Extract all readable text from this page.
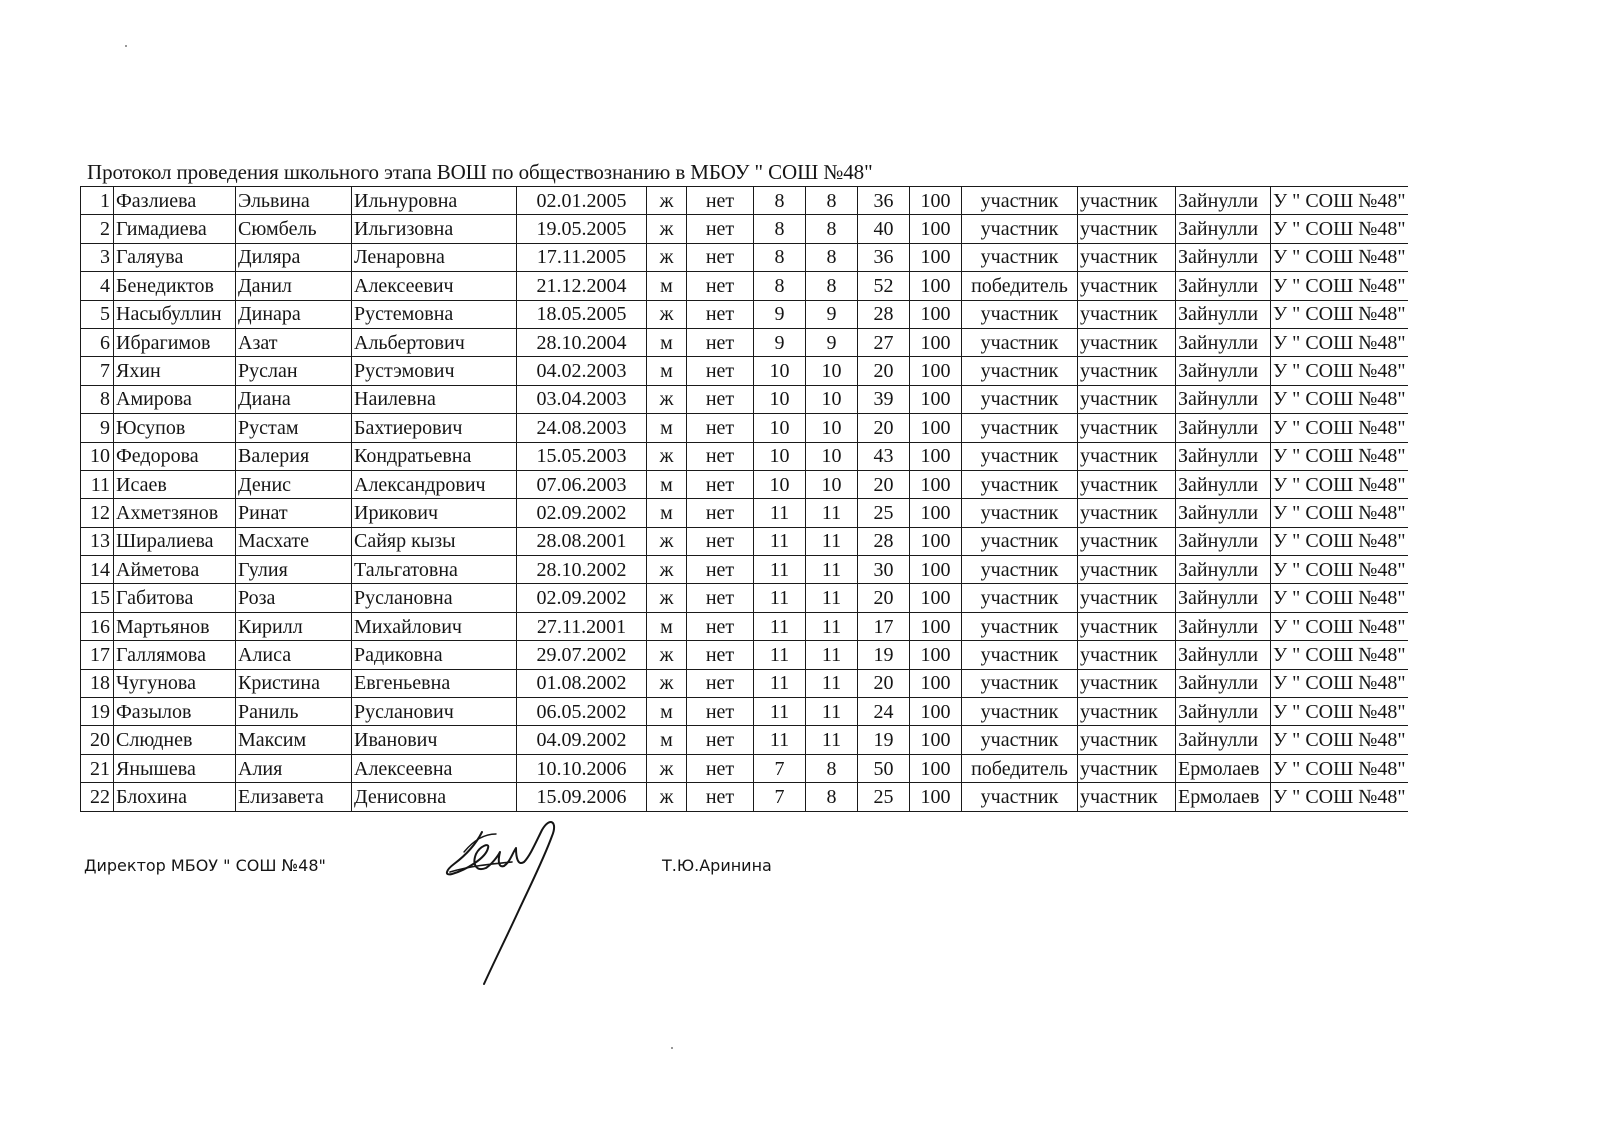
Протокол проведения школьного этапа ВОШ по обществознанию в МБОУ " СОШ №48"
1	Фазлиева	Эльвина	Ильнуровна	02.01.2005	ж	нет	8	8	36	100	участник	участник	Зайнулли	У " СОШ №48"
2	Гимадиева	Сюмбель	Ильгизовна	19.05.2005	ж	нет	8	8	40	100	участник	участник	Зайнулли	У " СОШ №48"
3	Галяува	Диляра	Ленаровна	17.11.2005	ж	нет	8	8	36	100	участник	участник	Зайнулли	У " СОШ №48"
4	Бенедиктов	Данил	Алексеевич	21.12.2004	м	нет	8	8	52	100	победитель	участник	Зайнулли	У " СОШ №48"
5	Насыбуллин	Динара	Рустемовна	18.05.2005	ж	нет	9	9	28	100	участник	участник	Зайнулли	У " СОШ №48"
6	Ибрагимов	Азат	Альбертович	28.10.2004	м	нет	9	9	27	100	участник	участник	Зайнулли	У " СОШ №48"
7	Яхин	Руслан	Рустэмович	04.02.2003	м	нет	10	10	20	100	участник	участник	Зайнулли	У " СОШ №48"
8	Амирова	Диана	Наилевна	03.04.2003	ж	нет	10	10	39	100	участник	участник	Зайнулли	У " СОШ №48"
9	Юсупов	Рустам	Бахтиерович	24.08.2003	м	нет	10	10	20	100	участник	участник	Зайнулли	У " СОШ №48"
10	Федорова	Валерия	Кондратьевна	15.05.2003	ж	нет	10	10	43	100	участник	участник	Зайнулли	У " СОШ №48"
11	Исаев	Денис	Александрович	07.06.2003	м	нет	10	10	20	100	участник	участник	Зайнулли	У " СОШ №48"
12	Ахметзянов	Ринат	Ирикович	02.09.2002	м	нет	11	11	25	100	участник	участник	Зайнулли	У " СОШ №48"
13	Ширалиева	Масхате	Сайяр кызы	28.08.2001	ж	нет	11	11	28	100	участник	участник	Зайнулли	У " СОШ №48"
14	Айметова	Гулия	Тальгатовна	28.10.2002	ж	нет	11	11	30	100	участник	участник	Зайнулли	У " СОШ №48"
15	Габитова	Роза	Руслановна	02.09.2002	ж	нет	11	11	20	100	участник	участник	Зайнулли	У " СОШ №48"
16	Мартьянов	Кирилл	Михайлович	27.11.2001	м	нет	11	11	17	100	участник	участник	Зайнулли	У " СОШ №48"
17	Галлямова	Алиса	Радиковна	29.07.2002	ж	нет	11	11	19	100	участник	участник	Зайнулли	У " СОШ №48"
18	Чугунова	Кристина	Евгеньевна	01.08.2002	ж	нет	11	11	20	100	участник	участник	Зайнулли	У " СОШ №48"
19	Фазылов	Раниль	Русланович	06.05.2002	м	нет	11	11	24	100	участник	участник	Зайнулли	У " СОШ №48"
20	Слюднев	Максим	Иванович	04.09.2002	м	нет	11	11	19	100	участник	участник	Зайнулли	У " СОШ №48"
21	Янышева	Алия	Алексеевна	10.10.2006	ж	нет	7	8	50	100	победитель	участник	Ермолаев	У " СОШ №48"
22	Блохина	Елизавета	Денисовна	15.09.2006	ж	нет	7	8	25	100	участник	участник	Ермолаев	У " СОШ №48"
Директор МБОУ " СОШ №48"	Т.Ю.Аринина
